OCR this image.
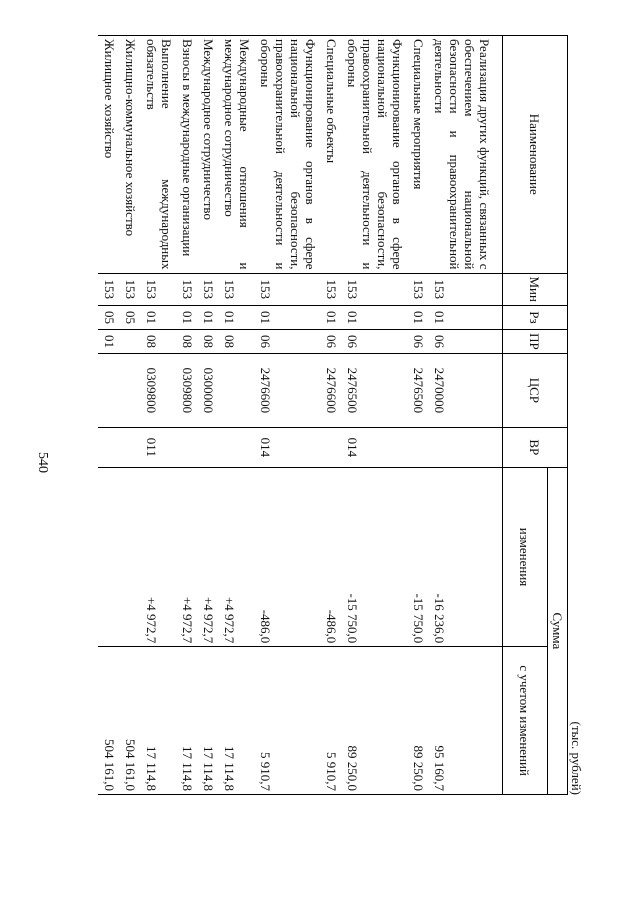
540
(тыс. рублей)
Наименование	Мин	Рз	ПР	ЦСР	ВР	Сумма	
						изменения	с учетом изменений
Реализация других функций, связанных с обеспечением национальной безопасности и правоохранительной деятельности	153	01	06	2470000		-16 236,0	95 160,7
Специальные мероприятия	153	01	06	2476500		-15 750,0	89 250,0
Функционирование органов в сфере национальной безопасности, правоохранительной деятельности и обороны	153	01	06	2476500	014	-15 750,0	89 250,0
Специальные объекты	153	01	06	2476600		-486,0	5 910,7
Функционирование органов в сфере национальной безопасности, правоохранительной деятельности и обороны	153	01	06	2476600	014	-486,0	5 910,7
Международные отношения и международное сотрудничество	153	01	08			+4 972,7	17 114,8
Международное сотрудничество	153	01	08	0300000		+4 972,7	17 114,8
Взносы в международные организации	153	01	08	0309800		+4 972,7	17 114,8
Выполнение международных обязательств	153	01	08	0309800	011	+4 972,7	17 114,8
Жилищно-коммунальное хозяйство	153	05					504 161,0
Жилищное хозяйство	153	05	01				504 161,0
